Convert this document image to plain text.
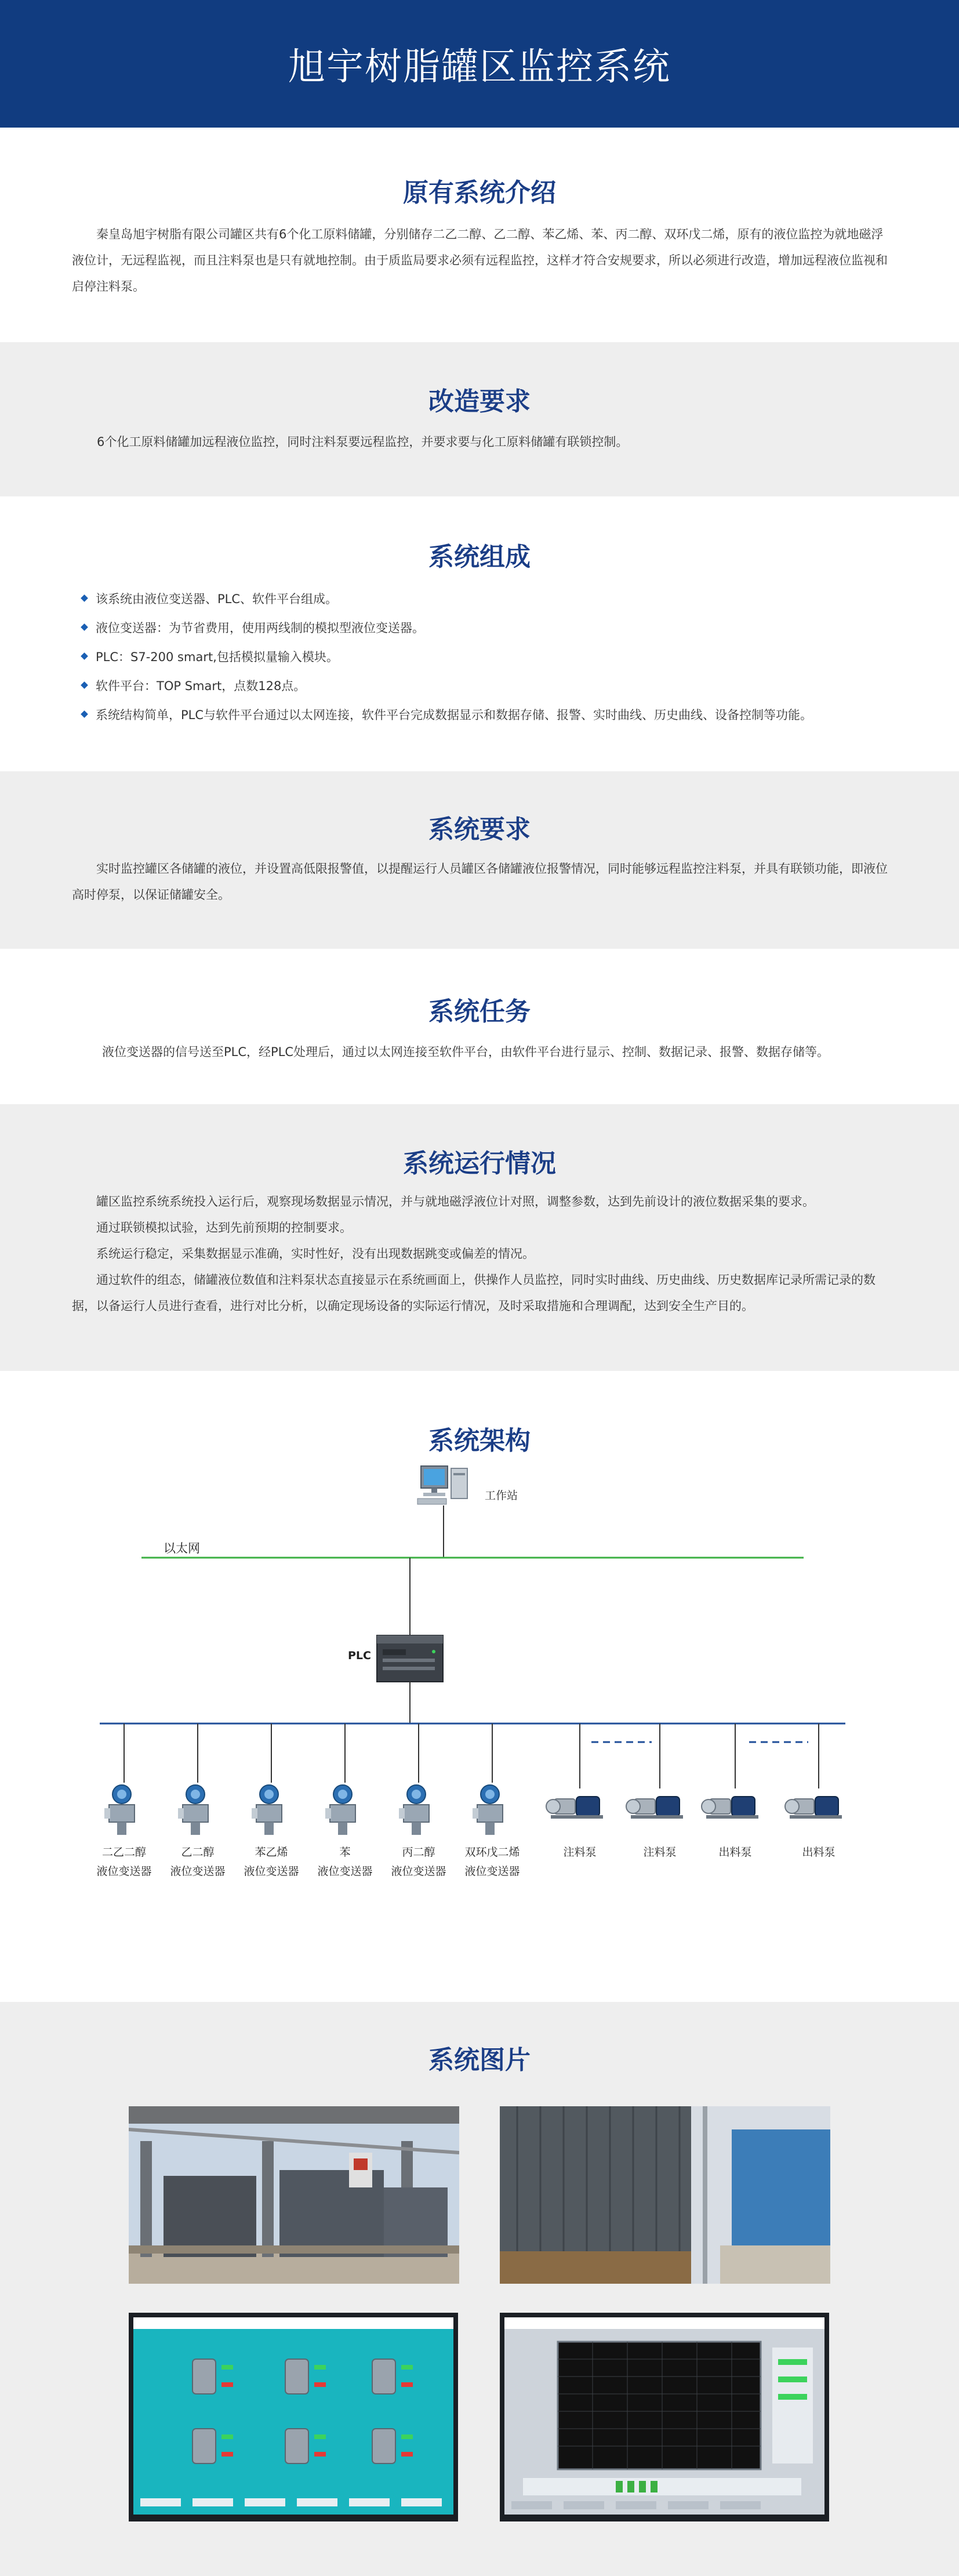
旭宇树脂罐区监控系统
原有系统介绍

秦皇岛旭宇树脂有限公司罐区共有6个化工原料储罐，分别储存二乙二醇、乙二醇、苯乙烯、苯、丙二醇、双环戊二烯，原有的液位监控为就地磁浮液位计，无远程监视，而且注料泵也是只有就地控制。由于质监局要求必须有远程监控，这样才符合安规要求，所以必须进行改造，增加远程液位监视和启停注料泵。

改造要求

6个化工原料储罐加远程液位监控，同时注料泵要远程监控，并要求要与化工原料储罐有联锁控制。

系统组成
该系统由液位变送器、PLC、软件平台组成。
液位变送器：为节省费用，使用两线制的模拟型液位变送器。
PLC：S7-200 smart,包括模拟量输入模块。
软件平台：TOP Smart，点数128点。
系统结构简单，PLC与软件平台通过以太网连接，软件平台完成数据显示和数据存储、报警、实时曲线、历史曲线、设备控制等功能。
系统要求

实时监控罐区各储罐的液位，并设置高低限报警值，以提醒运行人员罐区各储罐液位报警情况，同时能够远程监控注料泵，并具有联锁功能，即液位高时停泵，以保证储罐安全。

系统任务

液位变送器的信号送至PLC，经PLC处理后，通过以太网连接至软件平台，由软件平台进行显示、控制、数据记录、报警、数据存储等。

系统运行情况

罐区监控系统系统投入运行后，观察现场数据显示情况，并与就地磁浮液位计对照，调整参数，达到先前设计的液位数据采集的要求。

通过联锁模拟试验，达到先前预期的控制要求。

系统运行稳定，采集数据显示准确，实时性好，没有出现数据跳变或偏差的情况。

通过软件的组态，储罐液位数值和注料泵状态直接显示在系统画面上，供操作人员监控，同时实时曲线、历史曲线、历史数据库记录所需记录的数据，以备运行人员进行查看，进行对比分析，以确定现场设备的实际运行情况，及时采取措施和合理调配，达到安全生产目的。

系统架构
工作站
以太网
PLC
二乙二醇
液位变送器
乙二醇
液位变送器
苯乙烯
液位变送器
苯
液位变送器
丙二醇
液位变送器
双环戊二烯
液位变送器
注料泵	注料泵	出料泵	出料泵
系统图片
